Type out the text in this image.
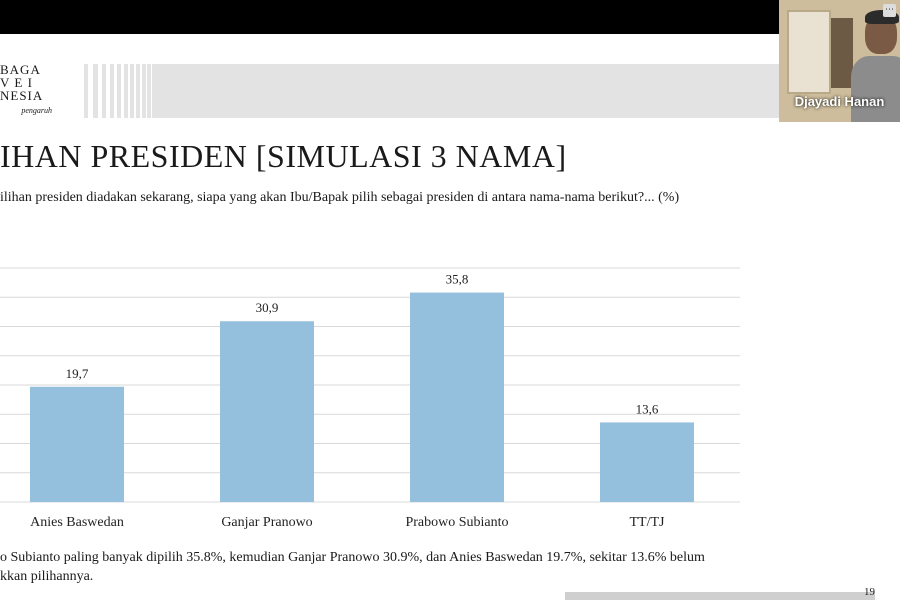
BAGA
V E I
NESIA
pengaruh
IHAN PRESIDEN [SIMULASI 3 NAMA]
ilihan presiden diadakan sekarang, siapa yang akan Ibu/Bapak pilih sebagai presiden di antara nama-nama berikut?... (%)
19,7
Anies Baswedan
30,9
Ganjar Pranowo
35,8
Prabowo Subianto
13,6
TT/TJ
o Subianto paling banyak dipilih 35.8%, kemudian Ganjar Pranowo 30.9%, dan Anies Baswedan 19.7%, sekitar 13.6% belum
kkan pilihannya.
19
⋯
Djayadi Hanan
